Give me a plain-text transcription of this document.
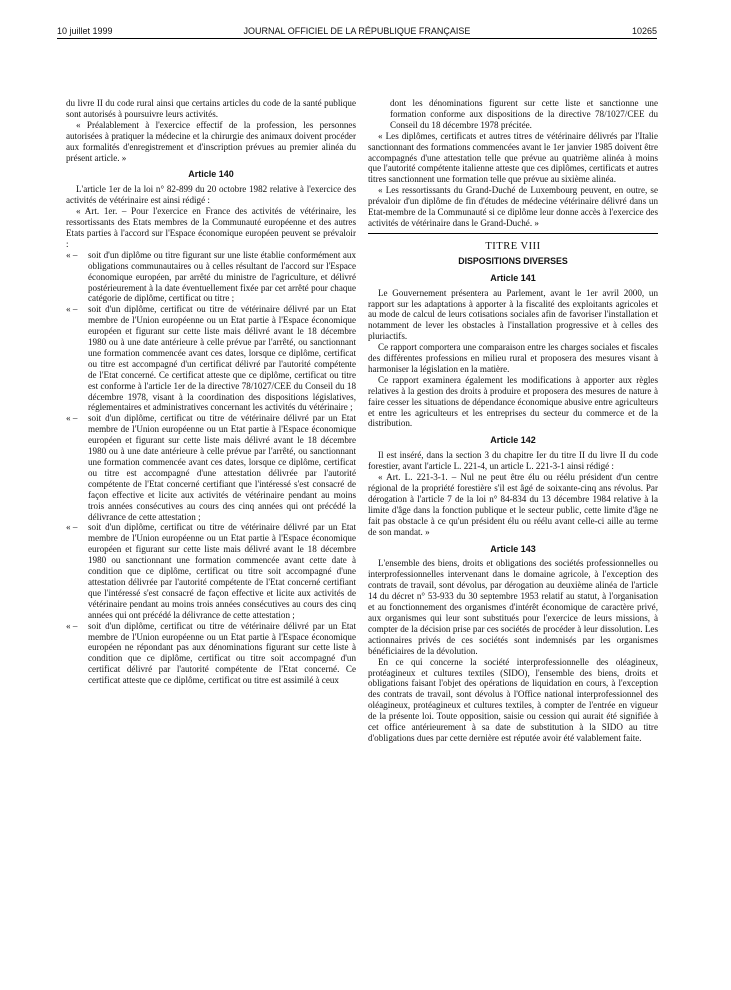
10 juillet 1999	JOURNAL OFFICIEL DE LA RÉPUBLIQUE FRANÇAISE	10265

du livre II du code rural ainsi que certains articles du code de la santé publique sont autorisés à poursuivre leurs activités.

« Préalablement à l'exercice effectif de la profession, les personnes autorisées à pratiquer la médecine et la chirurgie des animaux doivent procéder aux formalités d'enregistrement et d'inscription prévues au premier alinéa du présent article. »

Article 140

L'article 1er de la loi n° 82-899 du 20 octobre 1982 relative à l'exercice des activités de vétérinaire est ainsi rédigé :

« Art. 1er. – Pour l'exercice en France des activités de vétérinaire, les ressortissants des Etats membres de la Communauté européenne et des autres Etats parties à l'accord sur l'Espace économique européen peuvent se prévaloir :

« –	soit d'un diplôme ou titre figurant sur une liste établie conformément aux obligations communautaires ou à celles résultant de l'accord sur l'Espace économique européen, par arrêté du ministre de l'agriculture, et délivré postérieurement à la date éventuellement fixée par cet arrêté pour chaque catégorie de diplôme, certificat ou titre ;
« –	soit d'un diplôme, certificat ou titre de vétérinaire délivré par un Etat membre de l'Union européenne ou un Etat partie à l'Espace économique européen et figurant sur cette liste mais délivré avant le 18 décembre 1980 ou à une date antérieure à celle prévue par l'arrêté, ou sanctionnant une formation commencée avant ces dates, lorsque ce diplôme, certificat ou titre est accompagné d'un certificat délivré par l'autorité compétente de l'Etat concerné. Ce certificat atteste que ce diplôme, certificat ou titre est conforme à l'article 1er de la directive 78/1027/CEE du Conseil du 18 décembre 1978, visant à la coordination des dispositions législatives, réglementaires et administratives concernant les activités du vétérinaire ;
« –	soit d'un diplôme, certificat ou titre de vétérinaire délivré par un Etat membre de l'Union européenne ou un Etat partie à l'Espace économique européen et figurant sur cette liste mais délivré avant le 18 décembre 1980 ou à une date antérieure à celle prévue par l'arrêté, ou sanctionnant une formation commencée avant ces dates, lorsque ce diplôme, certificat ou titre est accompagné d'une attestation délivrée par l'autorité compétente de l'Etat concerné certifiant que l'intéressé s'est consacré de façon effective et licite aux activités de vétérinaire pendant au moins trois années consécutives au cours des cinq années qui ont précédé la délivrance de cette attestation ;
« –	soit d'un diplôme, certificat ou titre de vétérinaire délivré par un Etat membre de l'Union européenne ou un Etat partie à l'Espace économique européen et figurant sur cette liste mais délivré avant le 18 décembre 1980 ou sanctionnant une formation commencée avant cette date à condition que ce diplôme, certificat ou titre soit accompagné d'une attestation délivrée par l'autorité compétente de l'Etat concerné certifiant que l'intéressé s'est consacré de façon effective et licite aux activités de vétérinaire pendant au moins trois années consécutives au cours des cinq années qui ont précédé la délivrance de cette attestation ;
« –	soit d'un diplôme, certificat ou titre de vétérinaire délivré par un Etat membre de l'Union européenne ou un Etat partie à l'Espace économique européen ne répondant pas aux dénominations figurant sur cette liste à condition que ce diplôme, certificat ou titre soit accompagné d'un certificat délivré par l'autorité compétente de l'Etat concerné. Ce certificat atteste que ce diplôme, certificat ou titre est assimilé à ceux
dont les dénominations figurent sur cette liste et sanctionne une formation conforme aux dispositions de la directive 78/1027/CEE du Conseil du 18 décembre 1978 précitée.

« Les diplômes, certificats et autres titres de vétérinaire délivrés par l'Italie sanctionnant des formations commencées avant le 1er janvier 1985 doivent être accompagnés d'une attestation telle que prévue au quatrième alinéa à moins que l'autorité compétente italienne atteste que ces diplômes, certificats et autres titres sanctionnent une formation telle que prévue au sixième alinéa.

« Les ressortissants du Grand-Duché de Luxembourg peuvent, en outre, se prévaloir d'un diplôme de fin d'études de médecine vétérinaire délivré dans un Etat-membre de la Communauté si ce diplôme leur donne accès à l'exercice des activités de vétérinaire dans le Grand-Duché. »

TITRE VIII
DISPOSITIONS DIVERSES
Article 141

Le Gouvernement présentera au Parlement, avant le 1er avril 2000, un rapport sur les adaptations à apporter à la fiscalité des exploitants agricoles et au mode de calcul de leurs cotisations sociales afin de favoriser l'installation et notamment de lever les obstacles à l'installation progressive et à celles des pluriactifs.

Ce rapport comportera une comparaison entre les charges sociales et fiscales des différentes professions en milieu rural et proposera des mesures visant à harmoniser la législation en la matière.

Ce rapport examinera également les modifications à apporter aux règles relatives à la gestion des droits à produire et proposera des mesures de nature à faire cesser les situations de dépendance économique abusive entre agriculteurs et entre les agriculteurs et les entreprises du secteur du commerce et de la distribution.

Article 142

Il est inséré, dans la section 3 du chapitre Ier du titre II du livre II du code forestier, avant l'article L. 221-4, un article L. 221-3-1 ainsi rédigé :

« Art. L. 221-3-1. – Nul ne peut être élu ou réélu président d'un centre régional de la propriété forestière s'il est âgé de soixante-cinq ans révolus. Par dérogation à l'article 7 de la loi n° 84-834 du 13 décembre 1984 relative à la limite d'âge dans la fonction publique et le secteur public, cette limite d'âge ne fait pas obstacle à ce qu'un président élu ou réélu avant celle-ci aille au terme de son mandat. »

Article 143

L'ensemble des biens, droits et obligations des sociétés professionnelles ou interprofessionnelles intervenant dans le domaine agricole, à l'exception des contrats de travail, sont dévolus, par dérogation au deuxième alinéa de l'article 14 du décret n° 53-933 du 30 septembre 1953 relatif au statut, à l'organisation et au fonctionnement des organismes d'intérêt économique de caractère privé, aux organismes qui leur sont substitués pour l'exercice de leurs missions, à compter de la décision prise par ces sociétés de procéder à leur dissolution. Les actionnaires privés de ces sociétés sont indemnisés par les organismes bénéficiaires de la dévolution.

En ce qui concerne la société interprofessionnelle des oléagineux, protéagineux et cultures textiles (SIDO), l'ensemble des biens, droits et obligations faisant l'objet des opérations de liquidation en cours, à l'exception des contrats de travail, sont dévolus à l'Office national interprofessionnel des oléagineux, protéagineux et cultures textiles, à compter de l'entrée en vigueur de la présente loi. Toute opposition, saisie ou cession qui aurait été signifiée à cet office antérieurement à sa date de substitution à la SIDO au titre d'obligations dues par cette dernière est réputée avoir été valablement faite.
